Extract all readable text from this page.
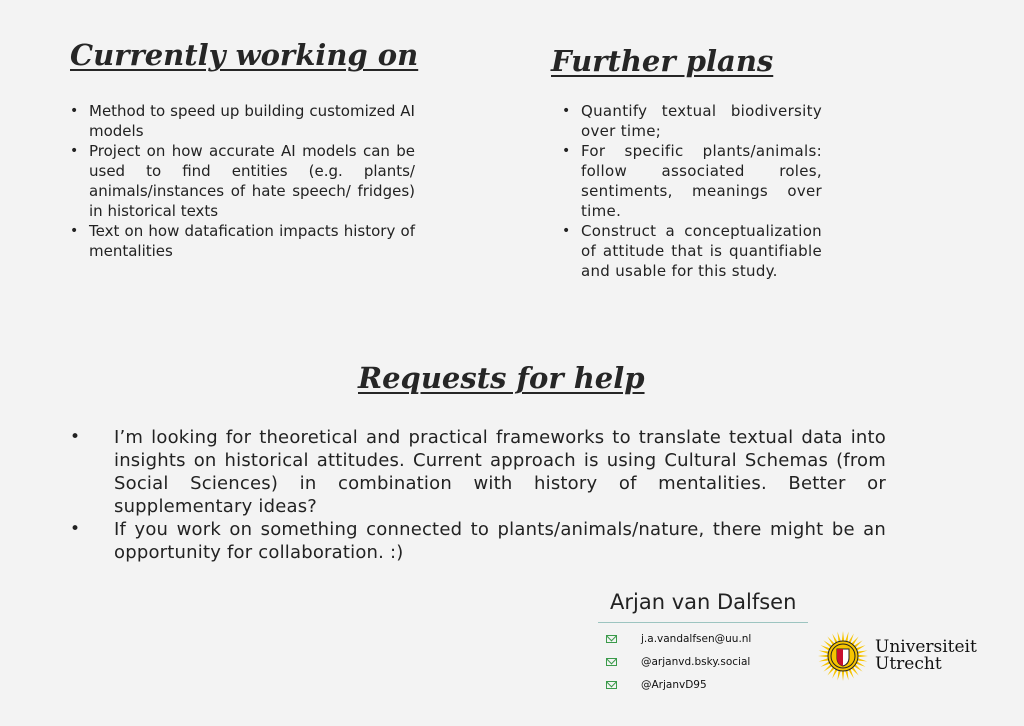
Currently working on
• Method to speed up building customized AI models
• Project on how accurate AI models can be used to find entities (e.g. plants/ animals/instances of hate speech/ fridges) in historical texts
• Text on how datafication impacts history of mentalities
Further plans
• Quantify textual biodiversity over time;
• For specific plants/animals: follow associated roles, sentiments, meanings over time.
• Construct a conceptualization of attitude that is quantifiable and usable for this study.
Requests for help
• I’m looking for theoretical and practical frameworks to translate textual data into insights on historical attitudes. Current approach is using Cultural Schemas (from Social Sciences) in combination with history of mentalities. Better or supplementary ideas?
• If you work on something connected to plants/animals/nature, there might be an opportunity for collaboration. :)
Arjan van Dalfsen
j.a.vandalfsen@uu.nl
@arjanvd.bsky.social
@ArjanvD95
Universiteit
Utrecht
